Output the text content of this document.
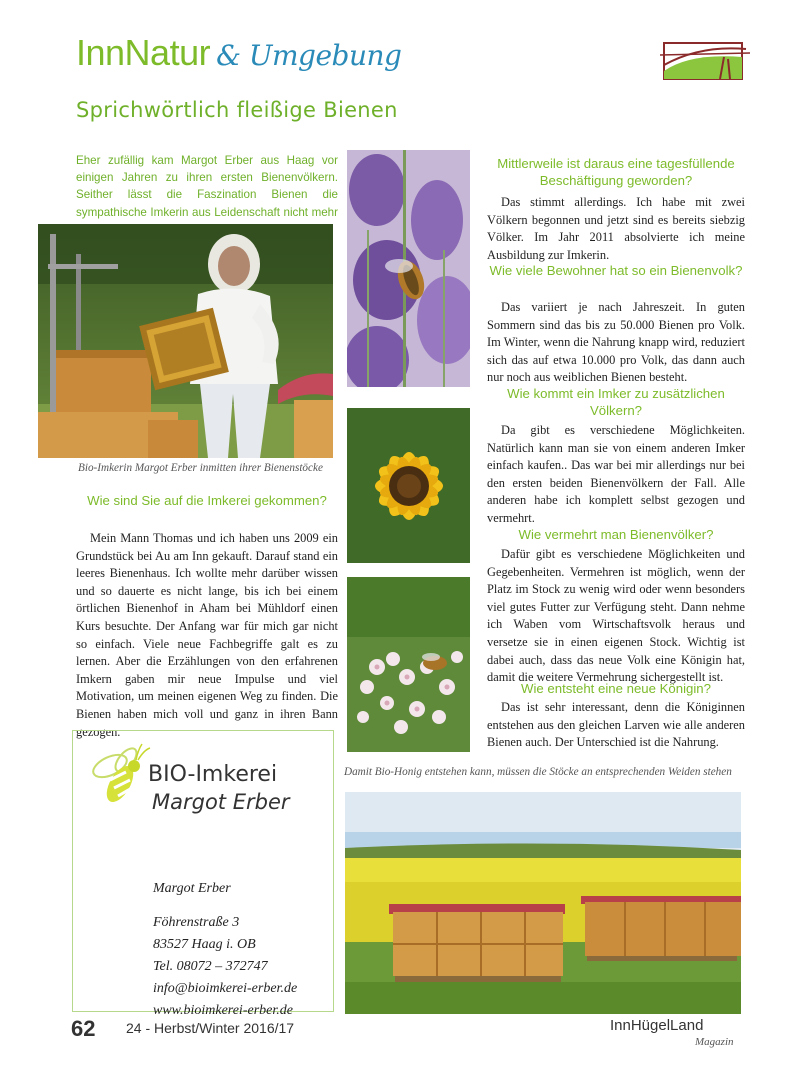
InnNatur & Umgebung
Sprichwörtlich fleißige Bienen
Eher zufällig kam Margot Erber aus Haag vor einigen Jahren zu ihren ersten Bienenvölkern. Seither lässt die Faszination Bienen die sympathische Imkerin aus Leidenschaft nicht mehr
Bio-Imkerin Margot Erber inmitten ihrer Bienenstöcke
Damit Bio-Honig entstehen kann, müssen die Stöcke an entsprechenden Weiden stehen
Wie sind Sie auf die Imkerei gekommen?

Mein Mann Thomas und ich haben uns 2009 ein Grundstück bei Au am Inn gekauft. Darauf stand ein leeres Bienenhaus. Ich wollte mehr darüber wissen und so dauerte es nicht lange, bis ich bei einem örtlichen Bienenhof in Aham bei Mühldorf einen Kurs besuchte. Der Anfang war für mich gar nicht so einfach. Viele neue Fachbegriffe galt es zu lernen. Aber die Erzählungen von den erfahrenen Imkern gaben mir neue Impulse und viel Motivation, um meinen eigenen Weg zu finden. Die Bienen haben mich voll und ganz in ihren Bann gezogen.

Mittlerweile ist daraus eine tagesfüllende Beschäftigung geworden?

Das stimmt allerdings. Ich habe mit zwei Völkern begonnen und jetzt sind es bereits siebzig Völker. Im Jahr 2011 absolvierte ich meine Ausbildung zur Imkerin.

Wie viele Bewohner hat so ein Bienenvolk?

Das variiert je nach Jahreszeit. In guten Sommern sind das bis zu 50.000 Bienen pro Volk. Im Winter, wenn die Nahrung knapp wird, reduziert sich das auf etwa 10.000 pro Volk, das dann auch nur noch aus weiblichen Bienen besteht.

Wie kommt ein Imker zu zusätzlichen Völkern?

Da gibt es verschiedene Möglichkeiten. Natürlich kann man sie von einem anderen Imker einfach kaufen.. Das war bei mir allerdings nur bei den ersten beiden Bienenvölkern der Fall. Alle anderen habe ich komplett selbst gezogen und vermehrt.

Wie vermehrt man Bienenvölker?

Dafür gibt es verschiedene Möglichkeiten und Gegebenheiten. Vermehren ist möglich, wenn der Platz im Stock zu wenig wird oder wenn besonders viel gutes Futter zur Verfügung steht. Dann nehme ich Waben vom Wirtschaftsvolk heraus und versetze sie in einen eigenen Stock. Wichtig ist dabei auch, dass das neue Volk eine Königin hat, damit die weitere Vermehrung sichergestellt ist.

Wie entsteht eine neue Königin?

Das ist sehr interessant, denn die Königinnen entstehen aus den gleichen Larven wie alle anderen Bienen auch. Der Unterschied ist die Nahrung.

BIO-Imkerei
Margot Erber
Margot Erber
Föhrenstraße 3
83527 Haag i. OB
Tel. 08072 – 372747
info@bioimkerei-erber.de
www.bioimkerei-erber.de
62 24 - Herbst/Winter 2016/17	InnHügelLand
Magazin
